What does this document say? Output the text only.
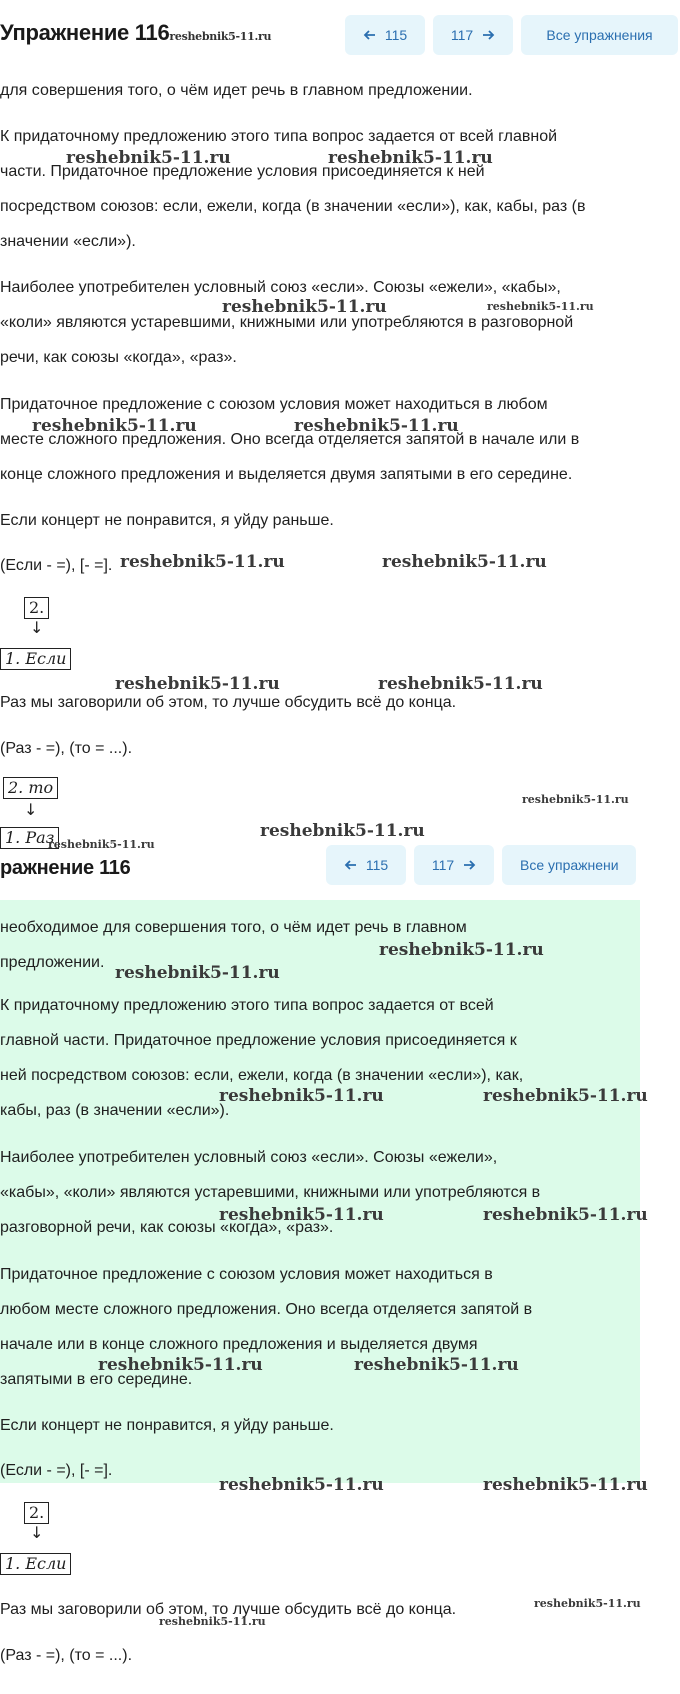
Упражнение 116reshebnik5-11.ru	115	117	Все упражнения
для совершения того, о чём идет речь в главном предложении.
К придаточному предложению этого типа вопрос задается от всей главной
части. Придаточное предложение условия присоединяется к ней
посредством союзов: если, ежели, когда (в значении «если»), как, кабы, раз (в
значении «если»).
Наиболее употребителен условный союз «если». Союзы «ежели», «кабы»,
«коли» являются устаревшими, книжными или употребляются в разговорной
речи, как союзы «когда», «раз».
Придаточное предложение с союзом условия может находиться в любом
месте сложного предложения. Оно всегда отделяется запятой в начале или в
конце сложного предложения и выделяется двумя запятыми в его середине.
Если концерт не понравится, я уйду раньше.
(Если - =), [- =].
2.
↓
1. Если
Раз мы заговорили об этом, то лучше обсудить всё до конца.
(Раз - =), (то = ...).
2. то
↓
1. Раз
ражнение 116	115	117	Все упражнени
необходимое для совершения того, о чём идет речь в главном
предложении.
К придаточному предложению этого типа вопрос задается от всей
главной части. Придаточное предложение условия присоединяется к
ней посредством союзов: если, ежели, когда (в значении «если»), как,
кабы, раз (в значении «если»).
Наиболее употребителен условный союз «если». Союзы «ежели»,
«кабы», «коли» являются устаревшими, книжными или употребляются в
разговорной речи, как союзы «когда», «раз».
Придаточное предложение с союзом условия может находиться в
любом месте сложного предложения. Оно всегда отделяется запятой в
начале или в конце сложного предложения и выделяется двумя
запятыми в его середине.
Если концерт не понравится, я уйду раньше.
(Если - =), [- =].
2.
↓
1. Если
Раз мы заговорили об этом, то лучше обсудить всё до конца.
(Раз - =), (то = ...).
reshebnik5-11.ru	reshebnik5-11.ru
reshebnik5-11.ru	reshebnik5-11.ru
reshebnik5-11.ru	reshebnik5-11.ru
reshebnik5-11.ru	reshebnik5-11.ru
reshebnik5-11.ru	reshebnik5-11.ru
reshebnik5-11.ru
reshebnik5-11.ru
reshebnik5-11.ru
reshebnik5-11.ru
reshebnik5-11.ru
reshebnik5-11.ru	reshebnik5-11.ru
reshebnik5-11.ru	reshebnik5-11.ru
reshebnik5-11.ru	reshebnik5-11.ru
reshebnik5-11.ru	reshebnik5-11.ru
reshebnik5-11.ru
reshebnik5-11.ru
